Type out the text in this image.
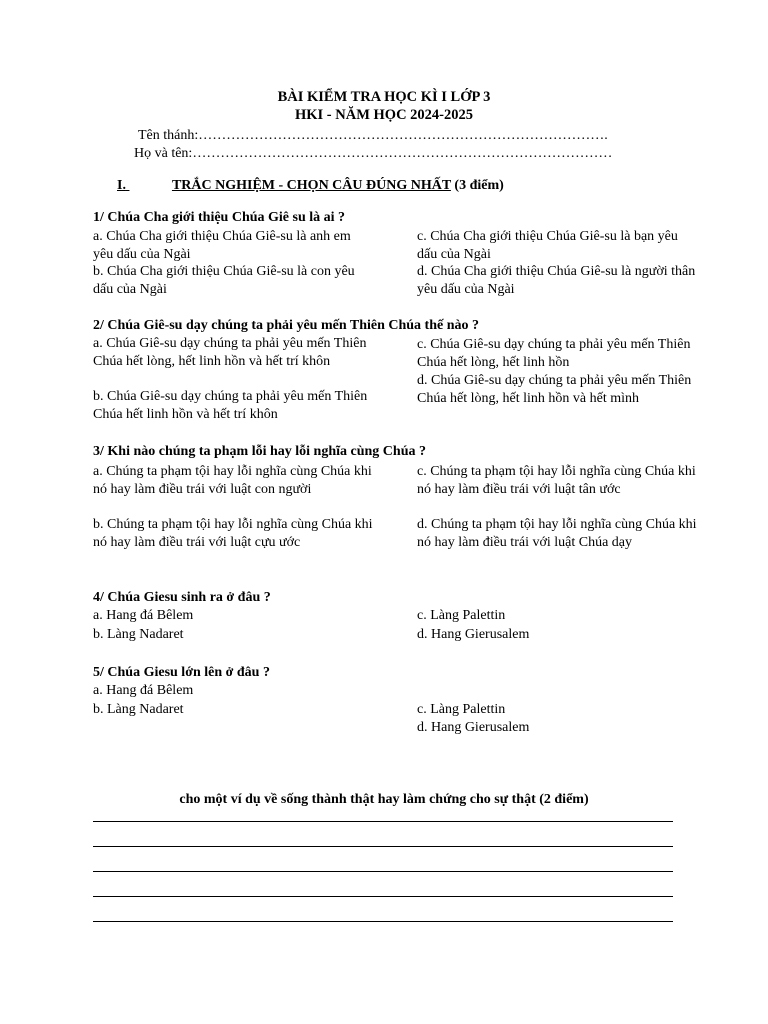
BÀI KIỂM TRA HỌC KÌ I LỚP 3
HKI - NĂM HỌC 2024-2025
Tên thánh:…………………………………………………………………………….
Họ và tên:………………………………………………………………………………
I.	TRẮC NGHIỆM - CHỌN CÂU ĐÚNG NHẤT (3 điểm)
1/ Chúa Cha giới thiệu Chúa Giê su là ai ?
a. Chúa Cha giới thiệu Chúa Giê-su là anh em yêu dấu của Ngài
b. Chúa Cha giới thiệu Chúa Giê-su là con yêu dấu của Ngài
c. Chúa Cha giới thiệu Chúa Giê-su là bạn yêu dấu của Ngài
d. Chúa Cha giới thiệu Chúa Giê-su là người thân yêu dấu của Ngài
2/ Chúa Giê-su dạy chúng ta phải yêu mến Thiên Chúa thế nào ?
a. Chúa Giê-su dạy chúng ta phải yêu mến Thiên Chúa hết lòng, hết linh hồn và hết trí khôn
b. Chúa Giê-su dạy chúng ta phải yêu mến Thiên Chúa hết linh hồn và hết trí khôn
c. Chúa Giê-su dạy chúng ta phải yêu mến Thiên Chúa hết lòng, hết linh hồn
d. Chúa Giê-su dạy chúng ta phải yêu mến Thiên Chúa hết lòng, hết linh hồn và hết mình
3/ Khi nào chúng ta phạm lỗi hay lỗi nghĩa cùng Chúa ?
a. Chúng ta phạm tội hay lỗi nghĩa cùng Chúa khi nó hay làm điều trái với luật con người
b. Chúng ta phạm tội hay lỗi nghĩa cùng Chúa khi nó hay làm điều trái với luật cựu ước
c. Chúng ta phạm tội hay lỗi nghĩa cùng Chúa khi nó hay làm điều trái với luật tân ước
d. Chúng ta phạm tội hay lỗi nghĩa cùng Chúa khi nó hay làm điều trái với luật Chúa dạy
4/ Chúa Giesu sinh ra ở đâu ?
a. Hang đá Bêlem
b. Làng Nadaret
c. Làng Palettin
d. Hang Gierusalem
5/ Chúa Giesu lớn lên ở đâu ?
a. Hang đá Bêlem
b. Làng Nadaret	c. Làng Palettin
d. Hang Gierusalem
cho một ví dụ về sống thành thật hay làm chứng cho sự thật (2 điểm)
